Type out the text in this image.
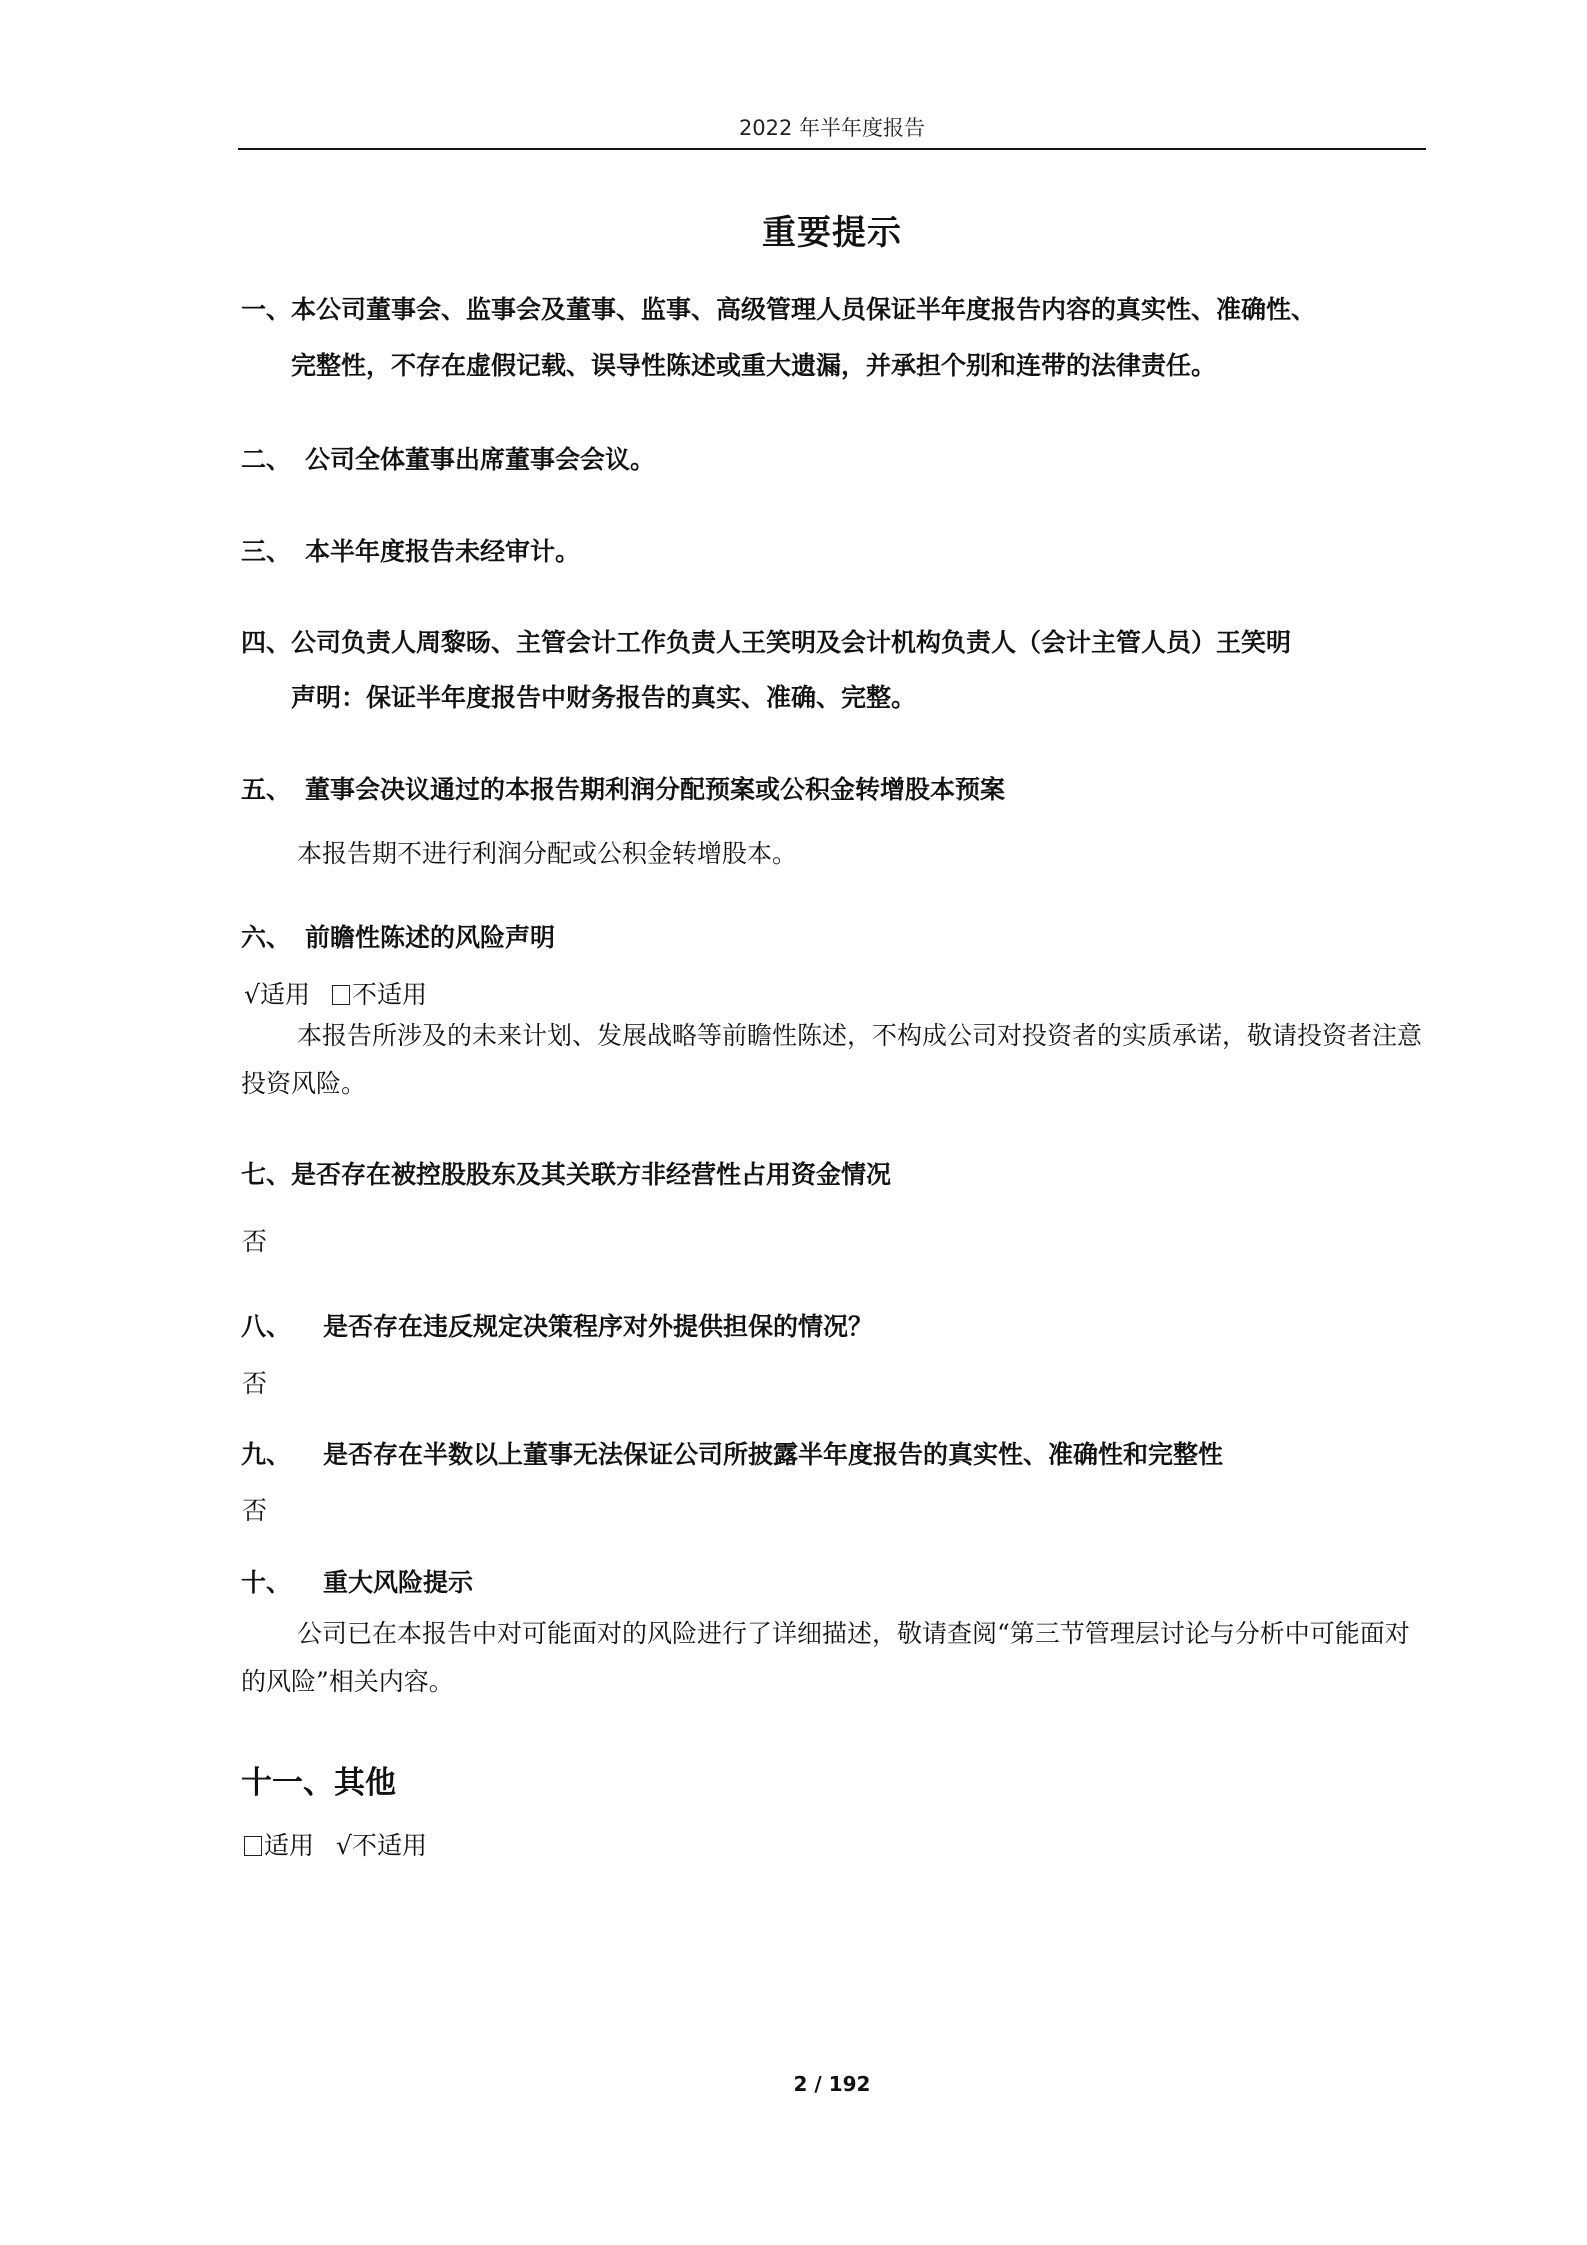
2022 年半年度报告
重要提示
一、本公司董事会、监事会及董事、监事、高级管理人员保证半年度报告内容的真实性、准确性、
完整性，不存在虚假记载、误导性陈述或重大遗漏，并承担个别和连带的法律责任。
二、 公司全体董事出席董事会会议。
三、 本半年度报告未经审计。
四、公司负责人周黎旸、主管会计工作负责人王笑明及会计机构负责人（会计主管人员）王笑明
声明：保证半年度报告中财务报告的真实、准确、完整。
五、 董事会决议通过的本报告期利润分配预案或公积金转增股本预案
本报告期不进行利润分配或公积金转增股本。
六、 前瞻性陈述的风险声明
√适用 不适用
本报告所涉及的未来计划、发展战略等前瞻性陈述，不构成公司对投资者的实质承诺，敬请投资者注意投资风险。
七、是否存在被控股股东及其关联方非经营性占用资金情况
否
八、 是否存在违反规定决策程序对外提供担保的情况？
否
九、 是否存在半数以上董事无法保证公司所披露半年度报告的真实性、准确性和完整性
否
十、 重大风险提示
公司已在本报告中对可能面对的风险进行了详细描述，敬请查阅“第三节管理层讨论与分析中可能面对的风险”相关内容。
十一、其他
适用 √不适用
2 / 192
